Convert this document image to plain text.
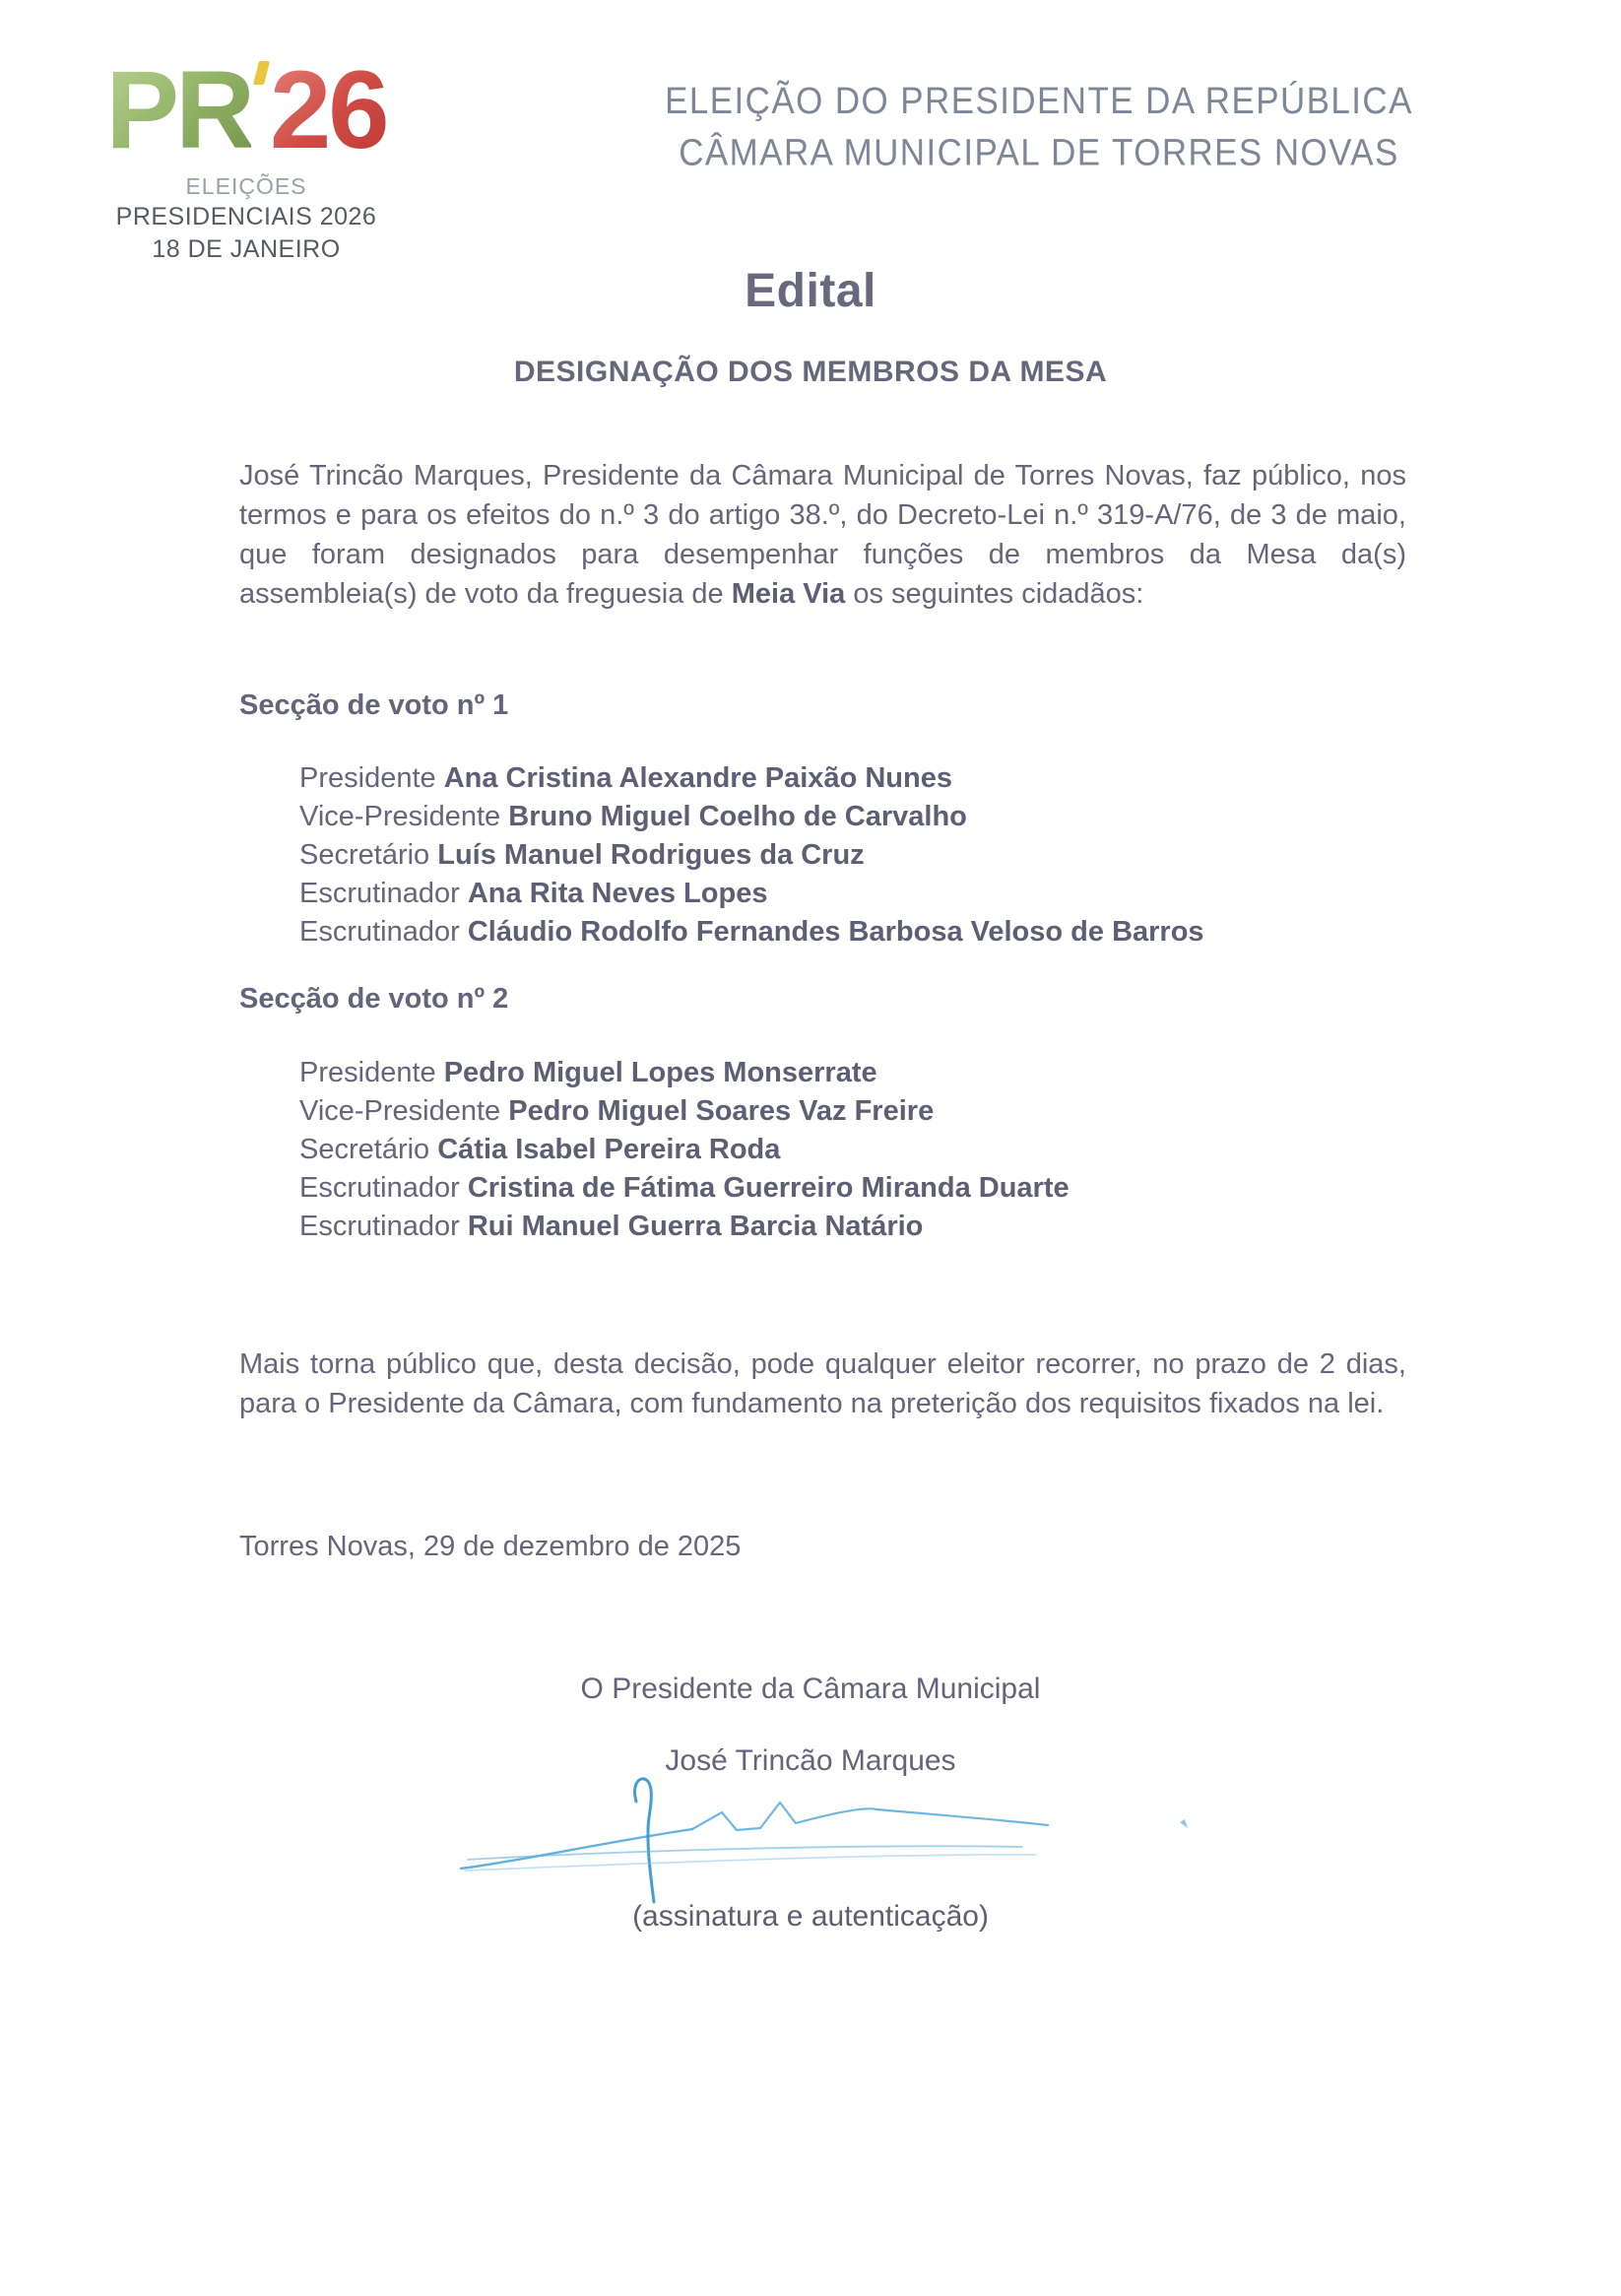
PR 26
ELEIÇÕES
PRESIDENCIAIS 2026
18 DE JANEIRO
ELEIÇÃO DO PRESIDENTE DA REPÚBLICA
CÂMARA MUNICIPAL DE TORRES NOVAS
Edital
DESIGNAÇÃO DOS MEMBROS DA MESA

José Trincão Marques, Presidente da Câmara Municipal de Torres Novas, faz público, nos termos e para os efeitos do n.º 3 do artigo 38.º, do Decreto-Lei n.º 319-A/76, de 3 de maio, que foram designados para desempenhar funções de membros da Mesa da(s) assembleia(s) de voto da freguesia de Meia Via os seguintes cidadãos:

Secção de voto nº 1
Presidente Ana Cristina Alexandre Paixão Nunes
Vice-Presidente Bruno Miguel Coelho de Carvalho
Secretário Luís Manuel Rodrigues da Cruz
Escrutinador Ana Rita Neves Lopes
Escrutinador Cláudio Rodolfo Fernandes Barbosa Veloso de Barros
Secção de voto nº 2
Presidente Pedro Miguel Lopes Monserrate
Vice-Presidente Pedro Miguel Soares Vaz Freire
Secretário Cátia Isabel Pereira Roda
Escrutinador Cristina de Fátima Guerreiro Miranda Duarte
Escrutinador Rui Manuel Guerra Barcia Natário

Mais torna público que, desta decisão, pode qualquer eleitor recorrer, no prazo de 2 dias, para o Presidente da Câmara, com fundamento na preterição dos requisitos fixados na lei.

Torres Novas, 29 de dezembro de 2025
O Presidente da Câmara Municipal
José Trincão Marques
(assinatura e autenticação)
